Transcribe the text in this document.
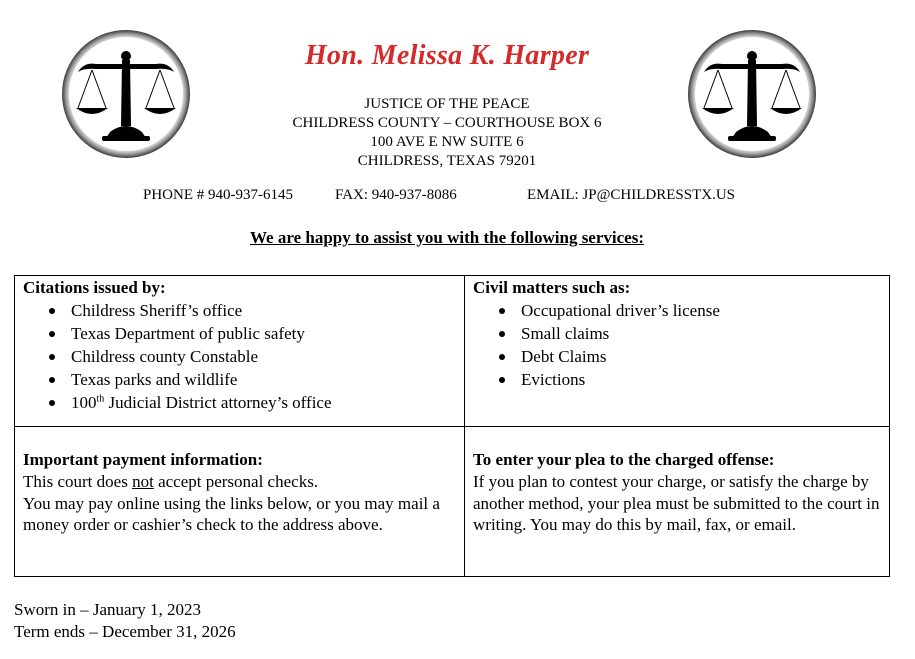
Hon. Melissa K. Harper
JUSTICE OF THE PEACE
CHILDRESS COUNTY – COURTHOUSE BOX 6
100 AVE E NW SUITE 6
CHILDRESS, TEXAS 79201
PHONE # 940-937-6145	FAX: 940-937-8086	EMAIL: JP@CHILDRESSTX.US
We are happy to assist you with the following services:
Citations issued by:
Childress Sheriff’s office
Texas Department of public safety
Childress county Constable
Texas parks and wildlife
100th Judicial District attorney’s office
Civil matters such as:
Occupational driver’s license
Small claims
Debt Claims
Evictions
Important payment information:
This court does not accept personal checks.
You may pay online using the links below, or you may mail a money order or cashier’s check to the address above.
To enter your plea to the charged offense:
If you plan to contest your charge, or satisfy the charge by another method, your plea must be submitted to the court in writing. You may do this by mail, fax, or email.
Sworn in – January 1, 2023
Term ends – December 31, 2026
